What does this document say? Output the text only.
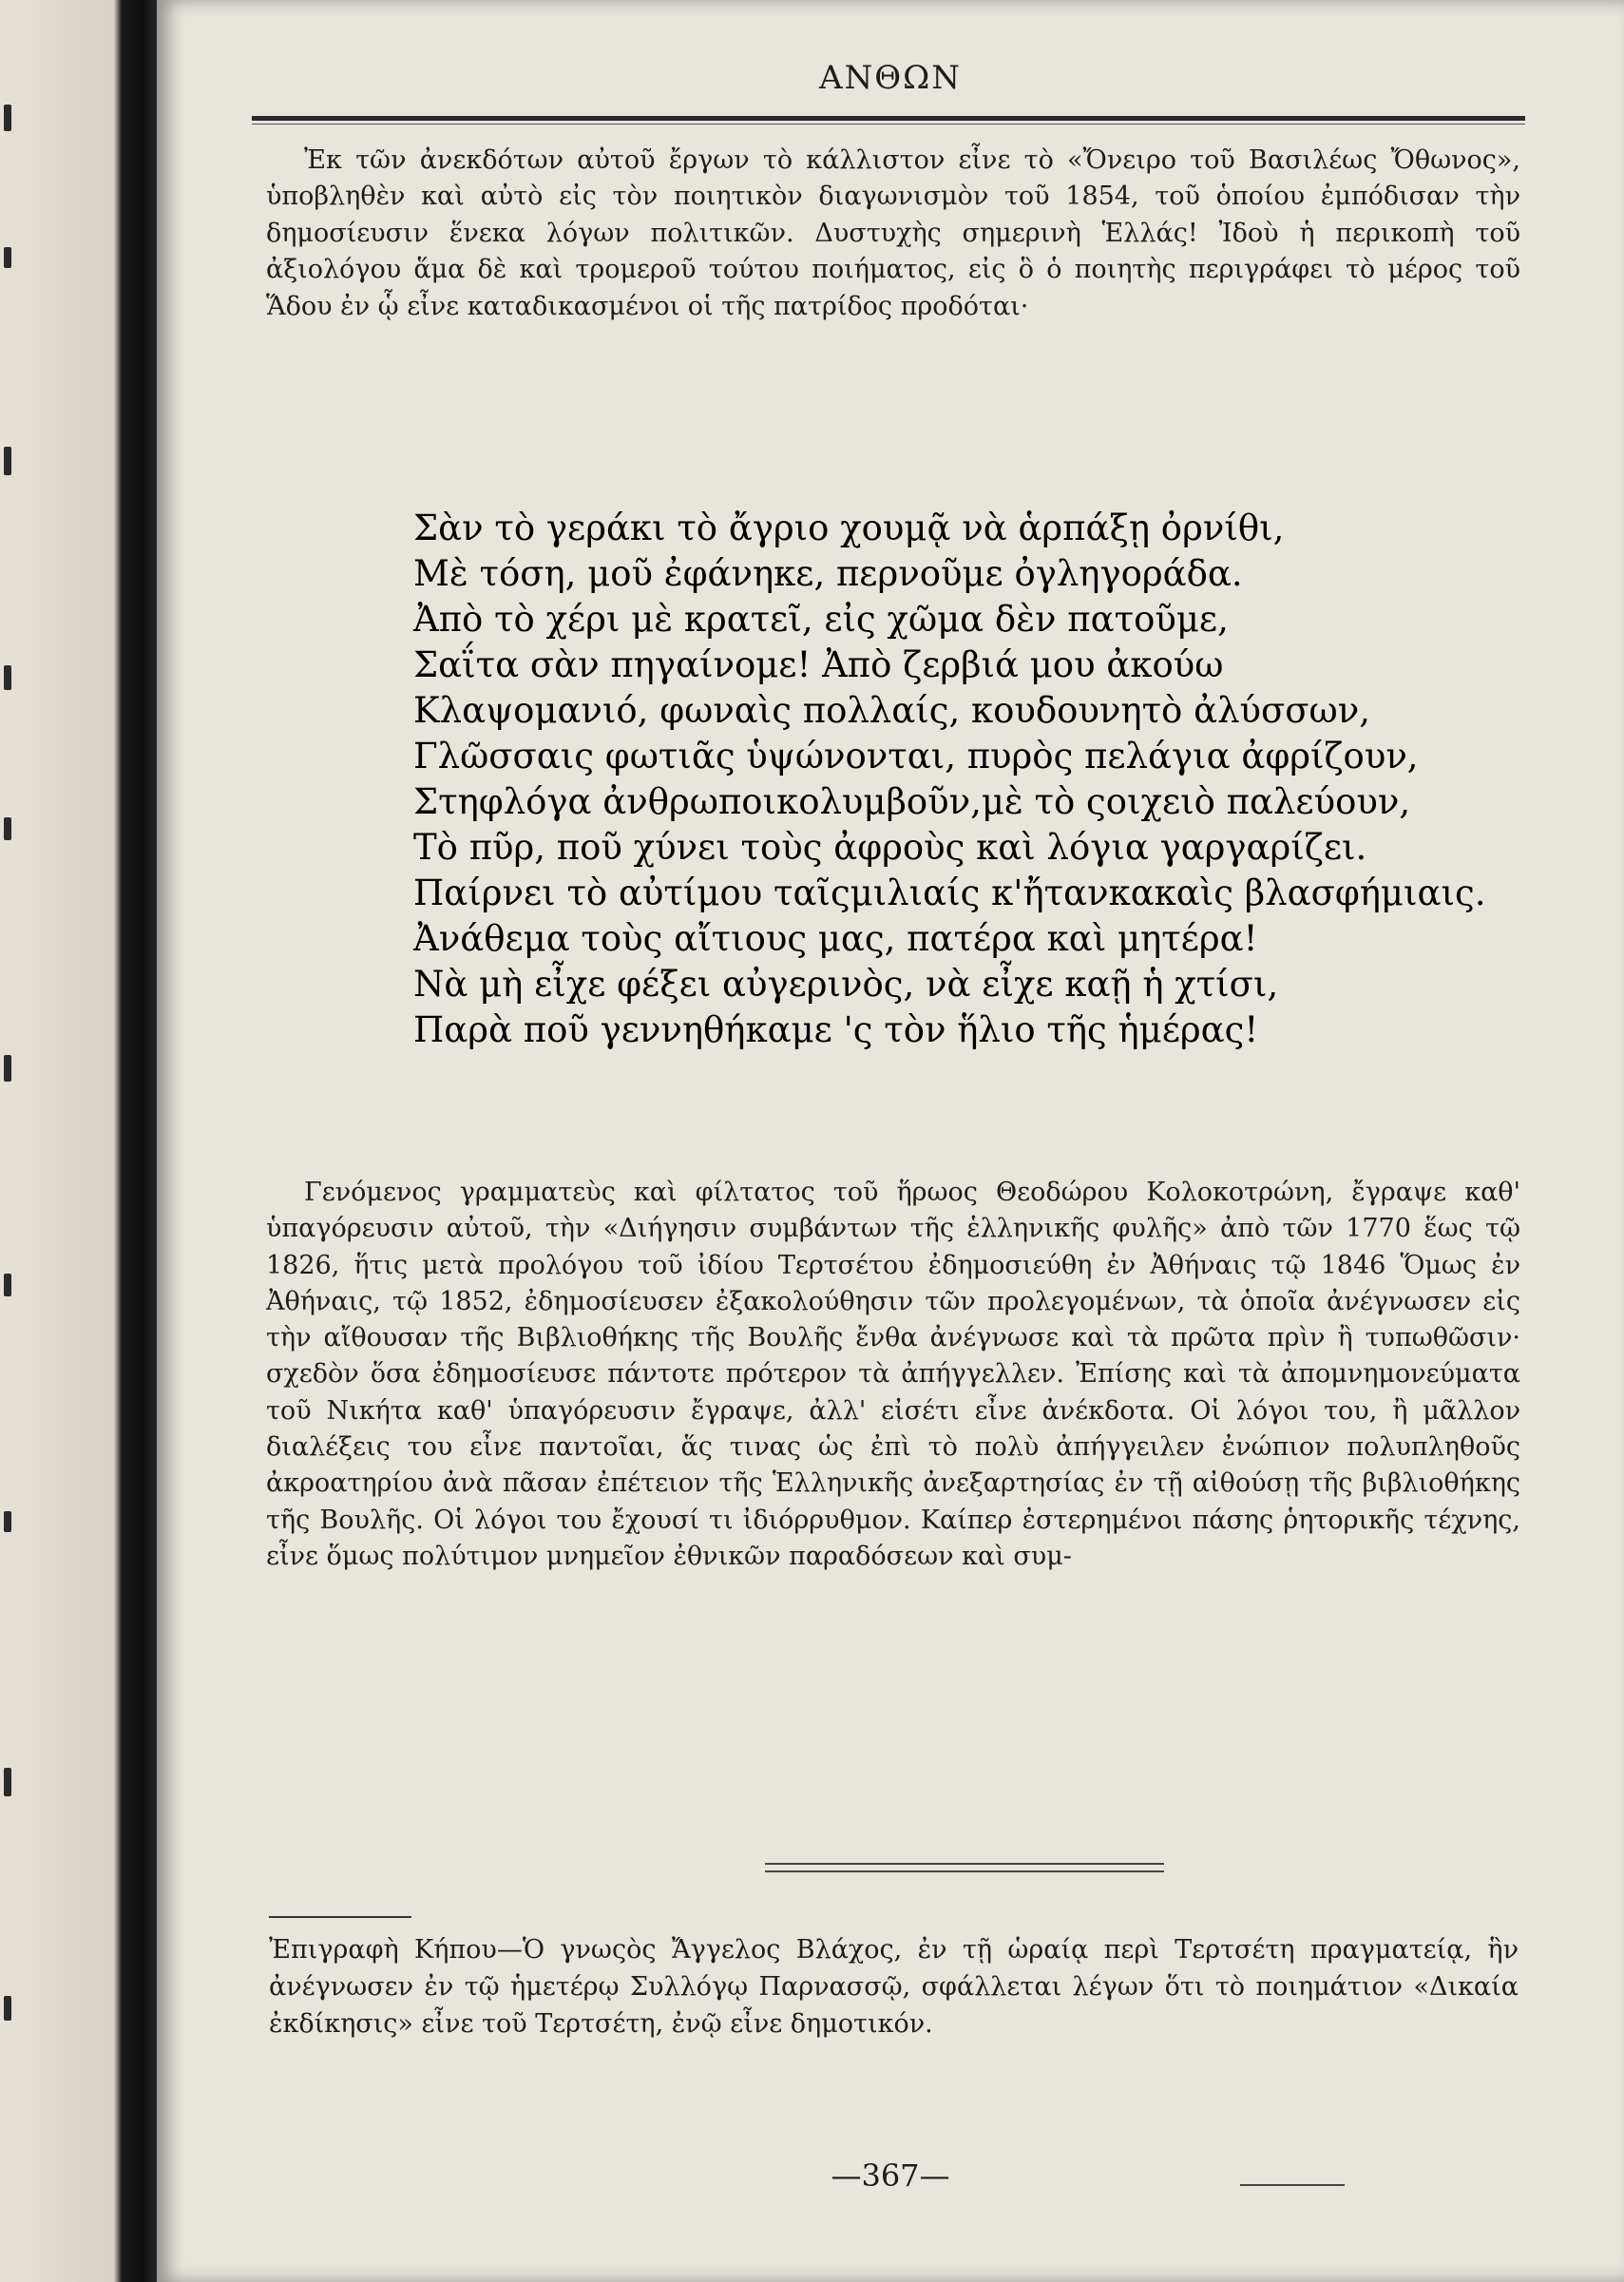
ΑΝΘΩΝ
Ἐκ τῶν ἀνεκδότων αὐτοῦ ἔργων τὸ κάλλιστον εἶνε τὸ «Ὄνειρο τοῦ Βασιλέως Ὄθωνος», ὑποβληθὲν καὶ αὐτὸ εἰς τὸν ποιητικὸν διαγωνισμὸν τοῦ 1854, τοῦ ὁποίου ἐμπόδισαν τὴν δημοσίευσιν ἕνεκα λόγων πολιτικῶν. Δυστυχὴς σημερινὴ Ἑλλάς! Ἰδοὺ ἡ περικοπὴ τοῦ ἀξιολόγου ἅμα δὲ καὶ τρομεροῦ τούτου ποιήματος, εἰς ὃ ὁ ποιητὴς περιγράφει τὸ μέρος τοῦ Ἅδου ἐν ᾧ εἶνε καταδικασμένοι οἱ τῆς πατρίδος προδόται·
Σὰν τὸ γεράκι τὸ ἄγριο χουμᾷ νὰ ἁρπάξῃ ὀρνίθι,
Μὲ τόση, μοῦ ἐφάνηκε, περνοῦμε ὀγληγοράδα.
Ἀπὸ τὸ χέρι μὲ κρατεῖ, εἰς χῶμα δὲν πατοῦμε,
Σαΐτα σὰν πηγαίνομε! Ἀπὸ ζερβιά μου ἀκούω
Κλαψομανιό, φωναὶς πολλαίς, κουδουνητὸ ἀλύσσων,
Γλῶσσαις φωτιᾶς ὑψώνονται, πυρὸς πελάγια ἀφρίζουν,
Στηφλόγα ἀνθρωποικολυμβοῦν,μὲ τὸ ςοιχειὸ παλεύουν,
Τὸ πῦρ, ποῦ χύνει τοὺς ἀφροὺς καὶ λόγια γαργαρίζει.
Παίρνει τὸ αὐτίμου ταῖςμιλιαίς κ'ἤτανκακαὶς βλασφήμιαις.
Ἀνάθεμα τοὺς αἴτιους μας, πατέρα καὶ μητέρα!
Νὰ μὴ εἶχε φέξει αὐγερινὸς, νὰ εἶχε καῇ ἡ χτίσι,
Παρὰ ποῦ γεννηθήκαμε 'ς τὸν ἥλιο τῆς ἡμέρας!
Γενόμενος γραμματεὺς καὶ φίλτατος τοῦ ἥρωος Θεοδώρου Κολοκοτρώνη, ἔγραψε καθ' ὑπαγόρευσιν αὐτοῦ, τὴν «Διήγησιν συμβάντων τῆς ἑλληνικῆς φυλῆς» ἀπὸ τῶν 1770 ἕως τῷ 1826, ἥτις μετὰ προλόγου τοῦ ἰδίου Τερτσέτου ἐδημοσιεύθη ἐν Ἀθήναις τῷ 1846 Ὅμως ἐν Ἀθήναις, τῷ 1852, ἐδημοσίευσεν ἐξακολούθησιν τῶν προλεγομένων, τὰ ὁποῖα ἀνέγνωσεν εἰς τὴν αἴθουσαν τῆς Βιβλιοθήκης τῆς Βουλῆς ἔνθα ἀνέγνωσε καὶ τὰ πρῶτα πρὶν ἢ τυπωθῶσιν· σχεδὸν ὅσα ἐδημοσίευσε πάντοτε πρότερον τὰ ἀπήγγελλεν. Ἐπίσης καὶ τὰ ἀπομνημονεύματα τοῦ Νικήτα καθ' ὑπαγόρευσιν ἔγραψε, ἀλλ' εἰσέτι εἶνε ἀνέκδοτα. Οἱ λόγοι του, ἢ μᾶλλον διαλέξεις του εἶνε παντοῖαι, ἅς τινας ὡς ἐπὶ τὸ πολὺ ἀπήγγειλεν ἐνώπιον πολυπληθοῦς ἀκροατηρίου ἀνὰ πᾶσαν ἐπέτειον τῆς Ἑλληνικῆς ἀνεξαρτησίας ἐν τῇ αἰθούσῃ τῆς βιβλιοθήκης τῆς Βουλῆς. Οἱ λόγοι του ἔχουσί τι ἰδιόρρυθμον. Καίπερ ἐστερημένοι πάσης ῥητορικῆς τέχνης, εἶνε ὅμως πολύτιμον μνημεῖον ἐθνικῶν παραδόσεων καὶ συμ-
Ἐπιγραφὴ Κήπου—Ὁ γνωςὸς Ἄγγελος Βλάχος, ἐν τῇ ὡραίᾳ περὶ Τερτσέτη πραγματείᾳ, ἣν ἀνέγνωσεν ἐν τῷ ἡμετέρῳ Συλλόγῳ Παρνασσῷ, σφάλλεται λέγων ὅτι τὸ ποιημάτιον «Δικαία ἐκδίκησις» εἶνε τοῦ Τερτσέτη, ἐνῷ εἶνε δημοτικόν.
—367—
